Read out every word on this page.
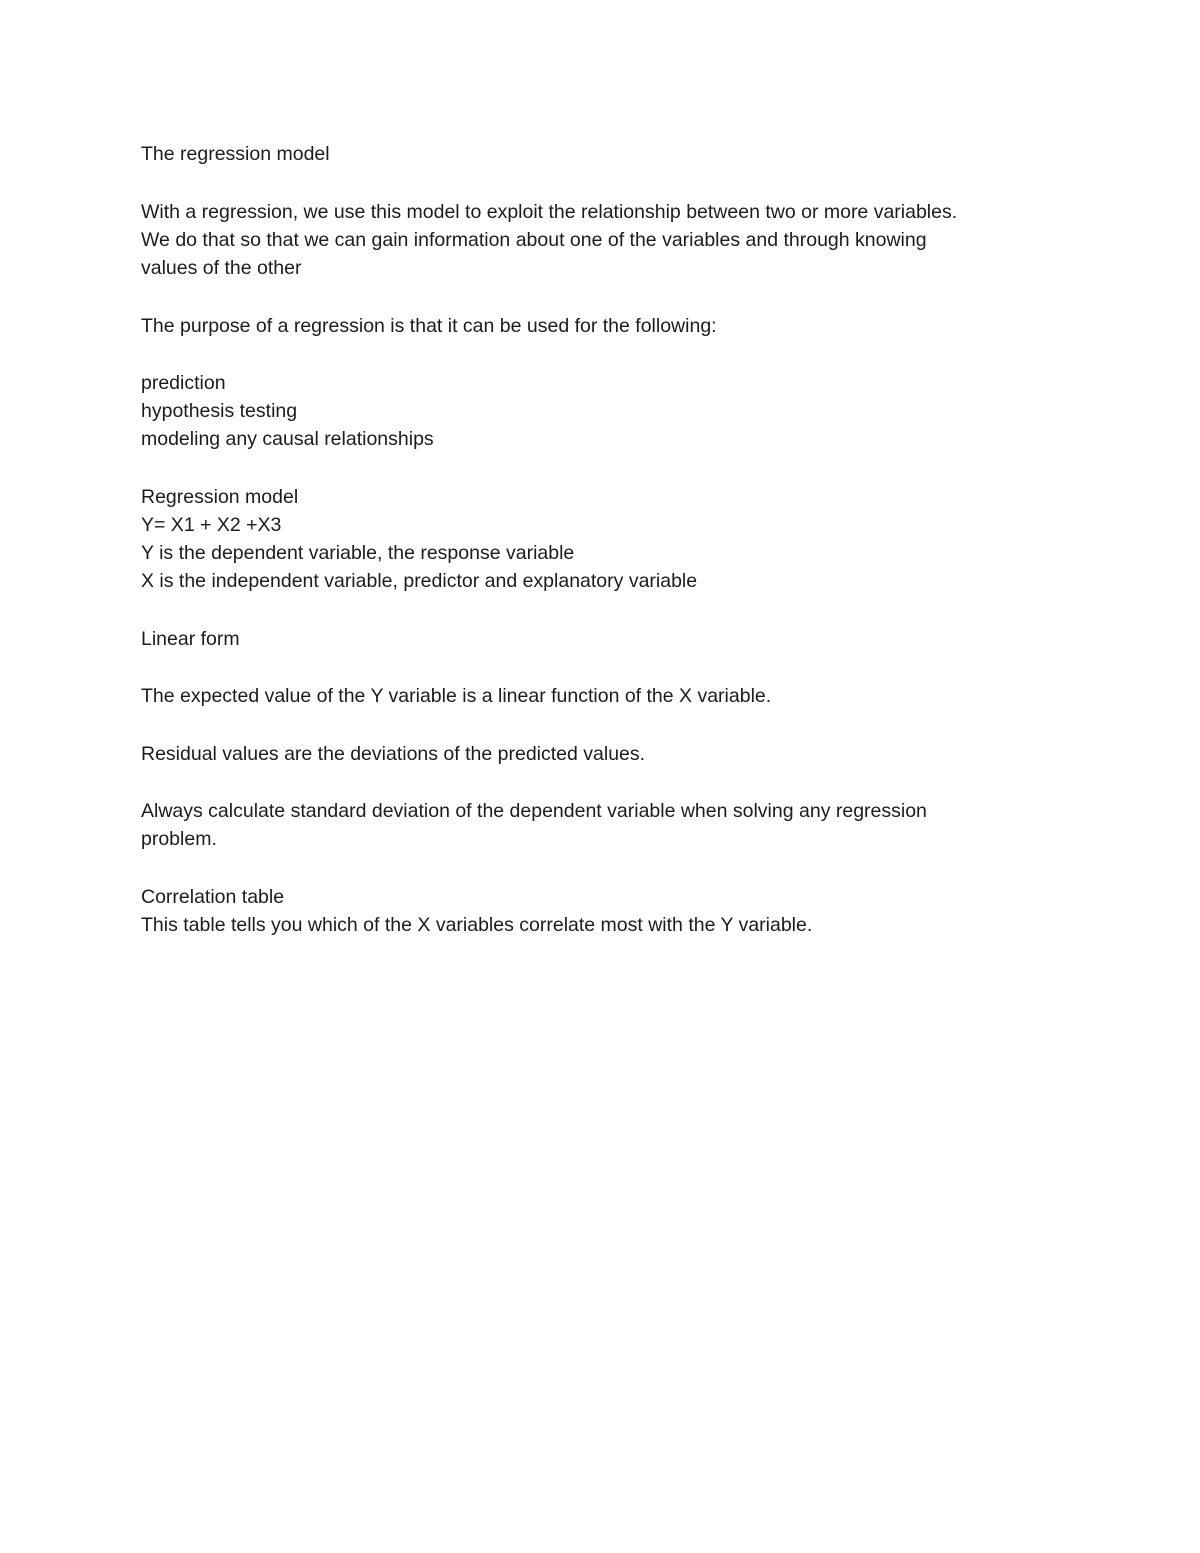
The regression model

With a regression, we use this model to exploit the relationship between two or more variables.

We do that so that we can gain information about one of the variables and through knowing

values of the other

The purpose of a regression is that it can be used for the following:

prediction

hypothesis testing

modeling any causal relationships

Regression model

Y= X1 + X2 +X3

Y is the dependent variable, the response variable

X is the independent variable, predictor and explanatory variable

Linear form

The expected value of the Y variable is a linear function of the X variable.

Residual values are the deviations of the predicted values.

Always calculate standard deviation of the dependent variable when solving any regression

problem.

Correlation table

This table tells you which of the X variables correlate most with the Y variable.
